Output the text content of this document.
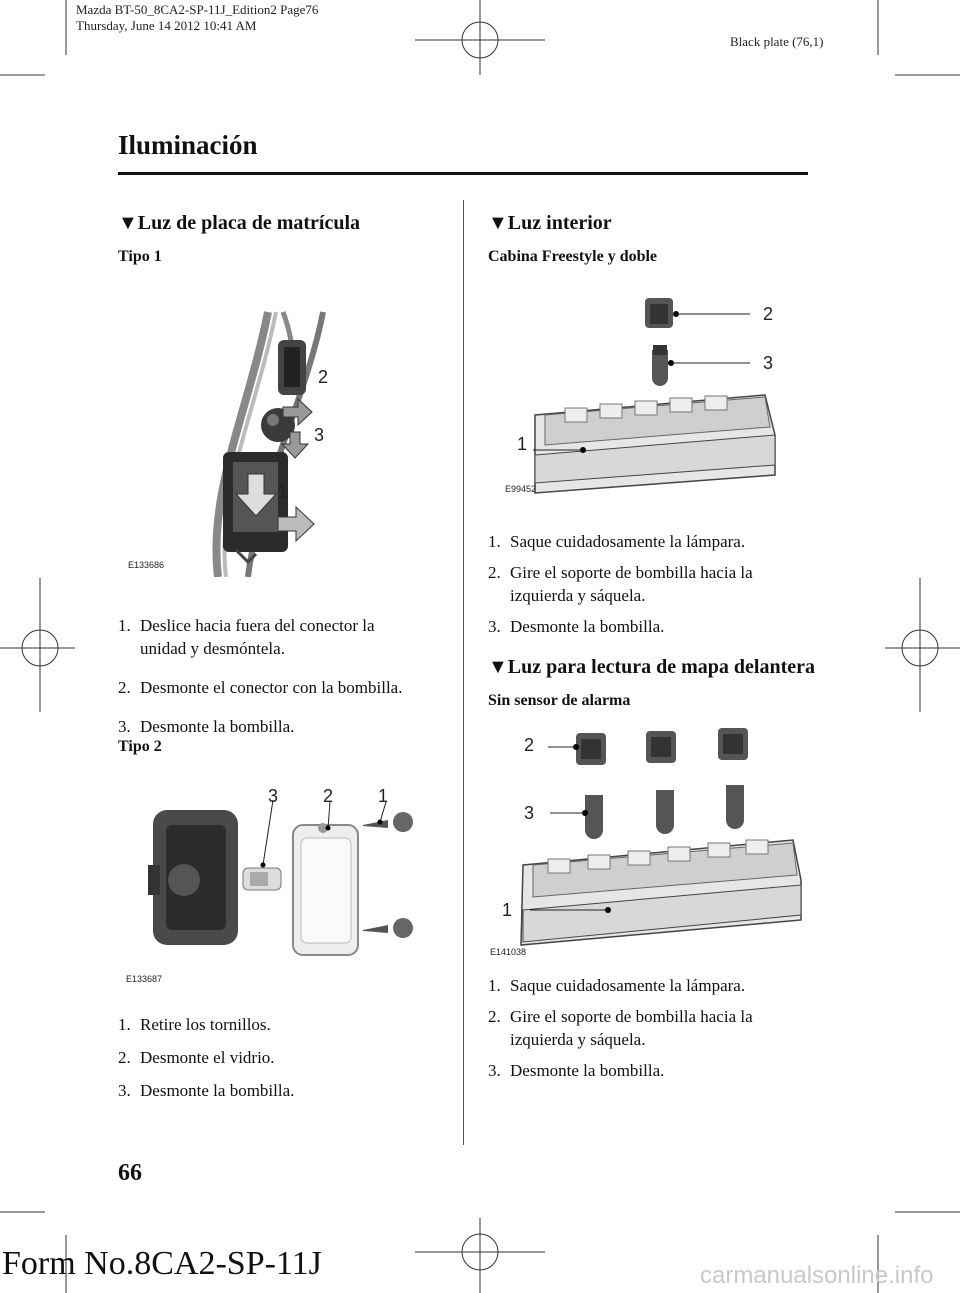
Mazda BT-50_8CA2-SP-11J_Edition2 Page76
Thursday, June 14 2012 10:41 AM
Black plate (76,1)
Iluminación
▼Luz de placa de matrícula
Tipo 1
2
3
1
E133686
1. Deslice hacia fuera del conector la
unidad y desmóntela.
2. Desmonte el conector con la bombilla.
3. Desmonte la bombilla.
Tipo 2
3 2 1
E133687
1. Retire los tornillos.
2. Desmonte el vidrio.
3. Desmonte la bombilla.
▼Luz interior
Cabina Freestyle y doble
2
3
1
E99452
1. Saque cuidadosamente la lámpara.
2. Gire el soporte de bombilla hacia la
izquierda y sáquela.
3. Desmonte la bombilla.
▼Luz para lectura de mapa delantera
Sin sensor de alarma
2
3
1
E141038
1. Saque cuidadosamente la lámpara.
2. Gire el soporte de bombilla hacia la
izquierda y sáquela.
3. Desmonte la bombilla.
66
Form No.8CA2-SP-11J	carmanualsonline.info
